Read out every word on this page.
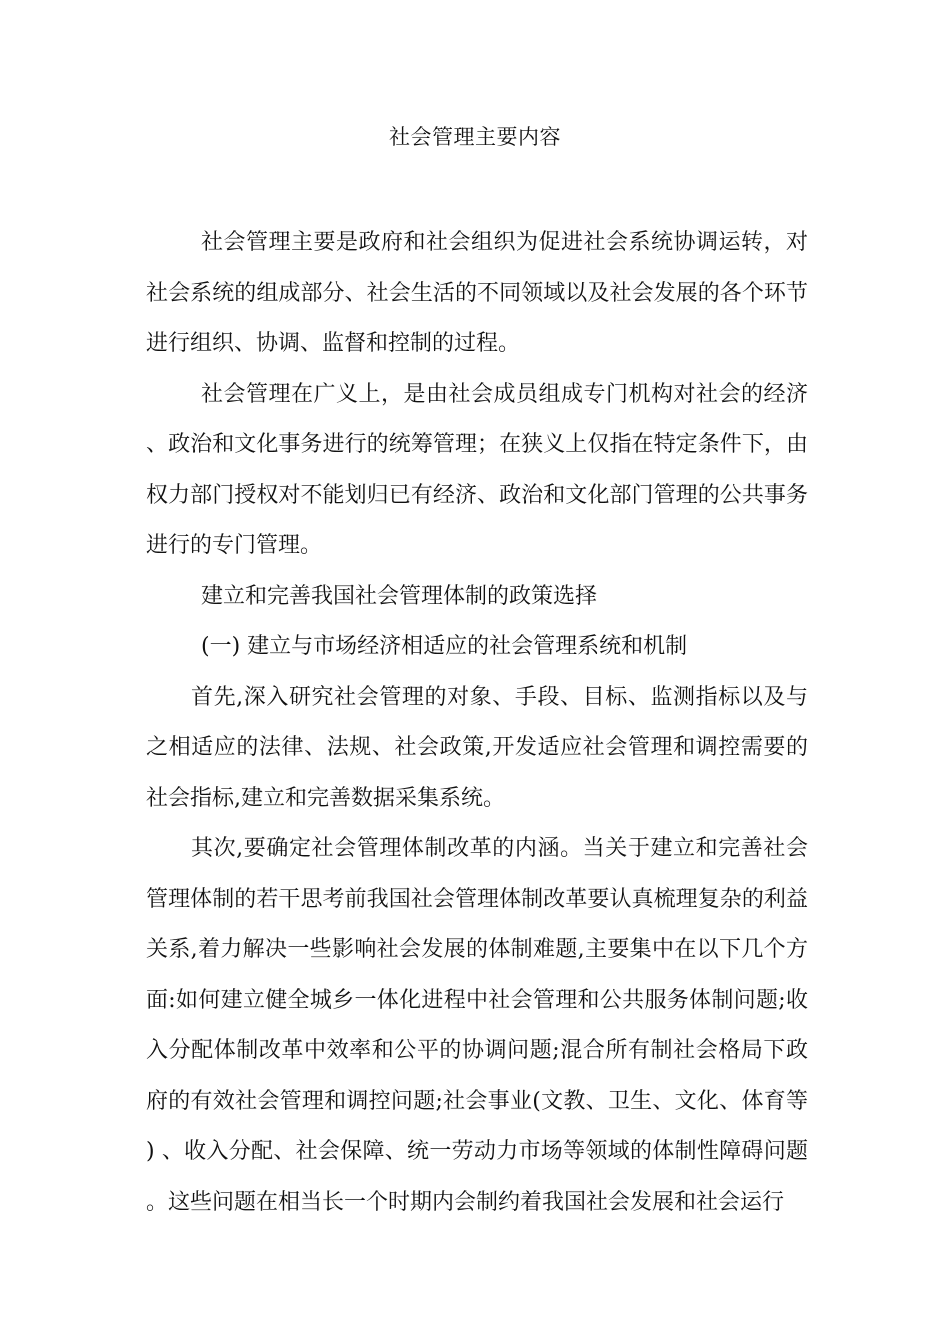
社会管理主要内容

社会管理主要是政府和社会组织为促进社会系统协调运转，对社会系统的组成部分、社会生活的不同领域以及社会发展的各个环节进行组织、协调、监督和控制的过程。

社会管理在广义上，是由社会成员组成专门机构对社会的经济、政治和文化事务进行的统筹管理；在狭义上仅指在特定条件下，由权力部门授权对不能划归已有经济、政治和文化部门管理的公共事务进行的专门管理。

建立和完善我国社会管理体制的政策选择

(一) 建立与市场经济相适应的社会管理系统和机制

首先,深入研究社会管理的对象、手段、目标、监测指标以及与之相适应的法律、法规、社会政策,开发适应社会管理和调控需要的社会指标,建立和完善数据采集系统。

其次,要确定社会管理体制改革的内涵。当关于建立和完善社会管理体制的若干思考前我国社会管理体制改革要认真梳理复杂的利益关系,着力解决一些影响社会发展的体制难题,主要集中在以下几个方面:如何建立健全城乡一体化进程中社会管理和公共服务体制问题;收入分配体制改革中效率和公平的协调问题;混合所有制社会格局下政府的有效社会管理和调控问题;社会事业(文教、卫生、文化、体育等) 、收入分配、社会保障、统一劳动力市场等领域的体制性障碍问题。这些问题在相当长一个时期内会制约着我国社会发展和社会运行
